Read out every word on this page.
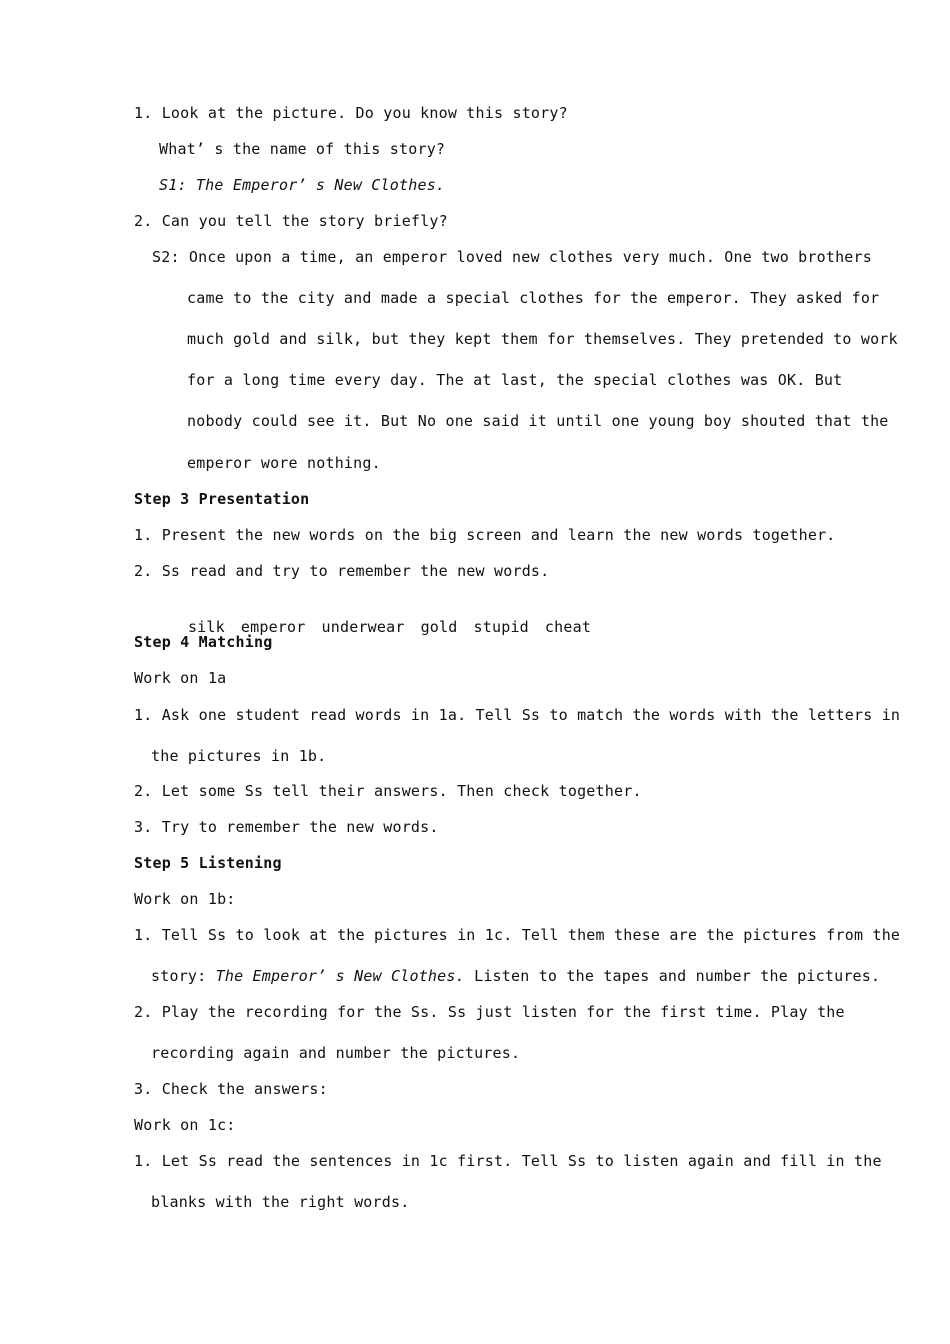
1. Look at the picture. Do you know this story?
What’ s the name of this story?
S1: The Emperor’ s New Clothes.
2. Can you tell the story briefly?
S2: Once upon a time, an emperor loved new clothes very much. One two brothers
came to the city and made a special clothes for the emperor. They asked for
much gold and silk, but they kept them for themselves. They pretended to work
for a long time every day. The at last, the special clothes was OK. But
nobody could see it. But No one said it until one young boy shouted that the
emperor wore nothing.
Step 3 Presentation
1. Present the new words on the big screen and learn the new words together.
2. Ss read and try to remember the new words.

silk emperor underwear gold stupid cheat

Step 4 Matching
Work on 1a
1. Ask one student read words in 1a. Tell Ss to match the words with the letters in
the pictures in 1b.
2. Let some Ss tell their answers. Then check together.
3. Try to remember the new words.
Step 5 Listening
Work on 1b:
1. Tell Ss to look at the pictures in 1c. Tell them these are the pictures from the
story: The Emperor’ s New Clothes. Listen to the tapes and number the pictures.
2. Play the recording for the Ss. Ss just listen for the first time. Play the
recording again and number the pictures.
3. Check the answers:
Work on 1c:
1. Let Ss read the sentences in 1c first. Tell Ss to listen again and fill in the
blanks with the right words.
